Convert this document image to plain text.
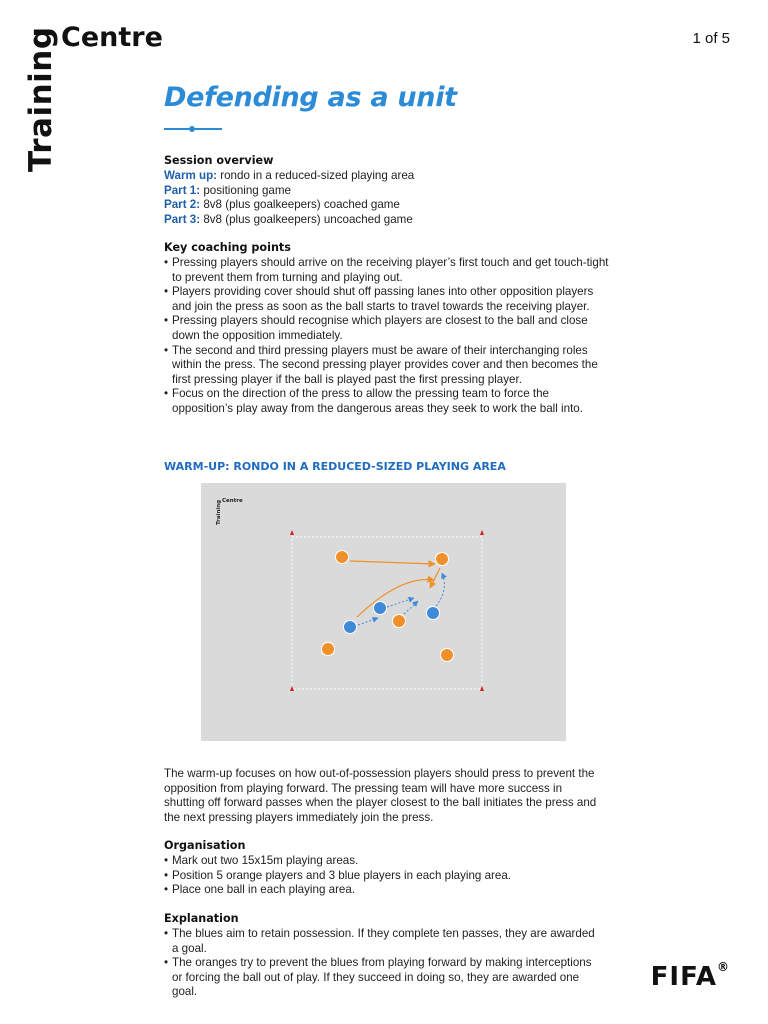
Training Centre	1 of 5
Defending as a unit
Session overview
Warm up: rondo in a reduced-sized playing area
Part 1: positioning game
Part 2: 8v8 (plus goalkeepers) coached game
Part 3: 8v8 (plus goalkeepers) uncoached game
Key coaching points
• Pressing players should arrive on the receiving player’s first touch and get touch-tight to prevent them from turning and playing out.
• Players providing cover should shut off passing lanes into other opposition players and join the press as soon as the ball starts to travel towards the receiving player.
• Pressing players should recognise which players are closest to the ball and close down the opposition immediately.
• The second and third pressing players must be aware of their interchanging roles within the press. The second pressing player provides cover and then becomes the first pressing player if the ball is played past the first pressing player.
• Focus on the direction of the press to allow the pressing team to force the opposition’s play away from the dangerous areas they seek to work the ball into.
WARM-UP: RONDO IN A REDUCED-SIZED PLAYING AREA
Training Centre
The warm-up focuses on how out-of-possession players should press to prevent the opposition from playing forward. The pressing team will have more success in shutting off forward passes when the player closest to the ball initiates the press and the next pressing players immediately join the press.
Organisation
• Mark out two 15x15m playing areas.
• Position 5 orange players and 3 blue players in each playing area.
• Place one ball in each playing area.
Explanation
• The blues aim to retain possession. If they complete ten passes, they are awarded a goal.
• The oranges try to prevent the blues from playing forward by making interceptions or forcing the ball out of play. If they succeed in doing so, they are awarded one goal.	FIFA®
